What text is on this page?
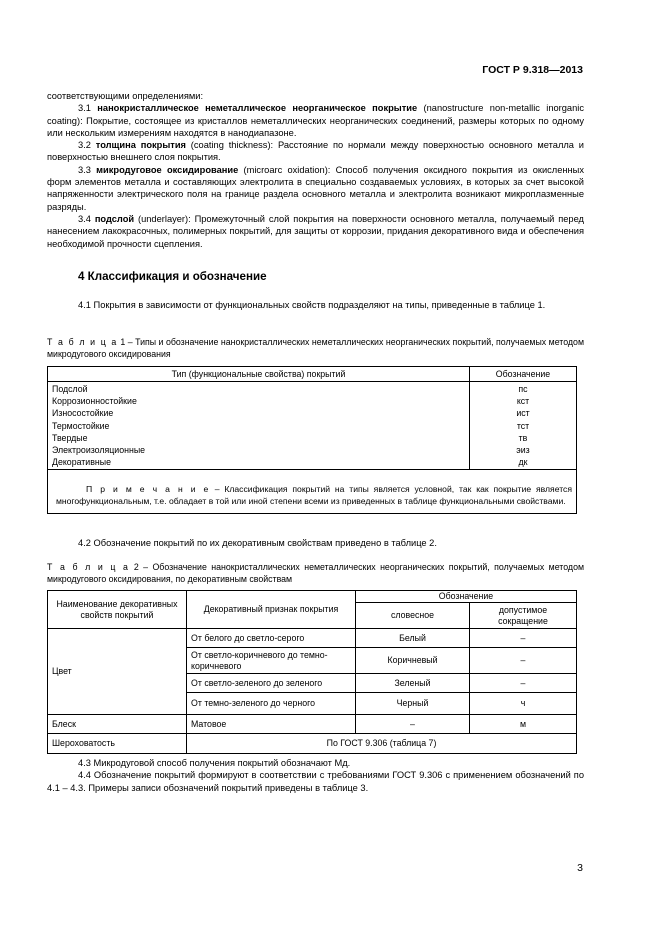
ГОСТ Р 9.318—2013

соответствующими определениями:

3.1 нанокристаллическое неметаллическое неорганическое покрытие (nanostructure non-metallic inorganic coating): Покрытие, состоящее из кристаллов неметаллических неорганических соединений, размеры которых по одному или нескольким измерениям находятся в нанодиапазоне.

3.2 толщина покрытия (coating thickness): Расстояние по нормали между поверхностью основного металла и поверхностью внешнего слоя покрытия.

3.3 микродуговое оксидирование (microarc oxidation): Способ получения оксидного покрытия из окисленных форм элементов металла и составляющих электролита в специально создаваемых условиях, в которых за счет высокой напряженности электрического поля на границе раздела основного металла и электролита возникают микроплазменные разряды.

3.4 подслой (underlayer): Промежуточный слой покрытия на поверхности основного металла, получаемый перед нанесением лакокрасочных, полимерных покрытий, для защиты от коррозии, придания декоративного вида и обеспечения необходимой прочности сцепления.

4 Классификация и обозначение
4.1 Покрытия в зависимости от функциональных свойств подразделяют на типы, приведенные в таблице 1.
Т а б л и ц а 1 – Типы и обозначение нанокристаллических неметаллических неорганических покрытий, получаемых методом микродугового оксидирования
Тип (функциональные свойства) покрытий	Обозначение
Подслой	пс
Коррозионностойкие	кст
Износостойкие	ист
Термостойкие	тст
Твердые	тв
Электроизоляционные	эиз
Декоративные	дк
П р и м е ч а н и е – Классификация покрытий на типы является условной, так как покрытие является многофункциональным, т.е. обладает в той или иной степени всеми из приведенных в таблице функциональными свойствами.	
4.2 Обозначение покрытий по их декоративным свойствам приведено в таблице 2.
Т а б л и ц а 2 – Обозначение нанокристаллических неметаллических неорганических покрытий, получаемых методом микродугового оксидирования, по декоративным свойствам
Наименование декоративных свойств покрытий	Декоративный признак покрытия	Обозначение	
		словесное	допустимое сокращение
Цвет	От белого до светло-серого	Белый	–
	От светло-коричневого до темно-коричневого	Коричневый	–
	От светло-зеленого до зеленого	Зеленый	–
	От темно-зеленого до черного	Черный	ч
Блеск	Матовое	–	м
Шероховатость	По ГОСТ 9.306 (таблица 7)		

4.3 Микродуговой способ получения покрытий обозначают Мд.

4.4 Обозначение покрытий формируют в соответствии с требованиями ГОСТ 9.306 с применением обозначений по 4.1 – 4.3. Примеры записи обозначений покрытий приведены в таблице 3.

3
